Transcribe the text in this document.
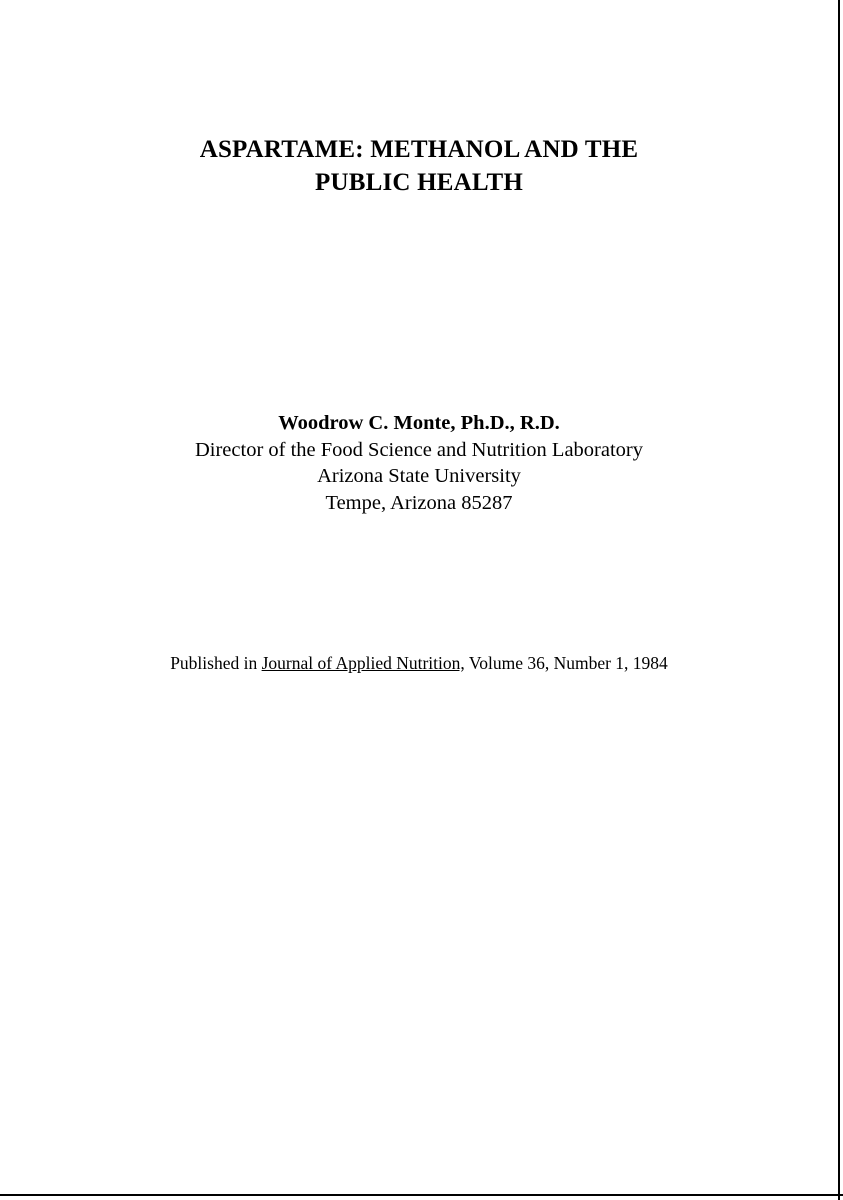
ASPARTAME: METHANOL AND THE
PUBLIC HEALTH
Woodrow C. Monte, Ph.D., R.D.
Director of the Food Science and Nutrition Laboratory
Arizona State University
Tempe, Arizona 85287
Published in Journal of Applied Nutrition, Volume 36, Number 1, 1984
